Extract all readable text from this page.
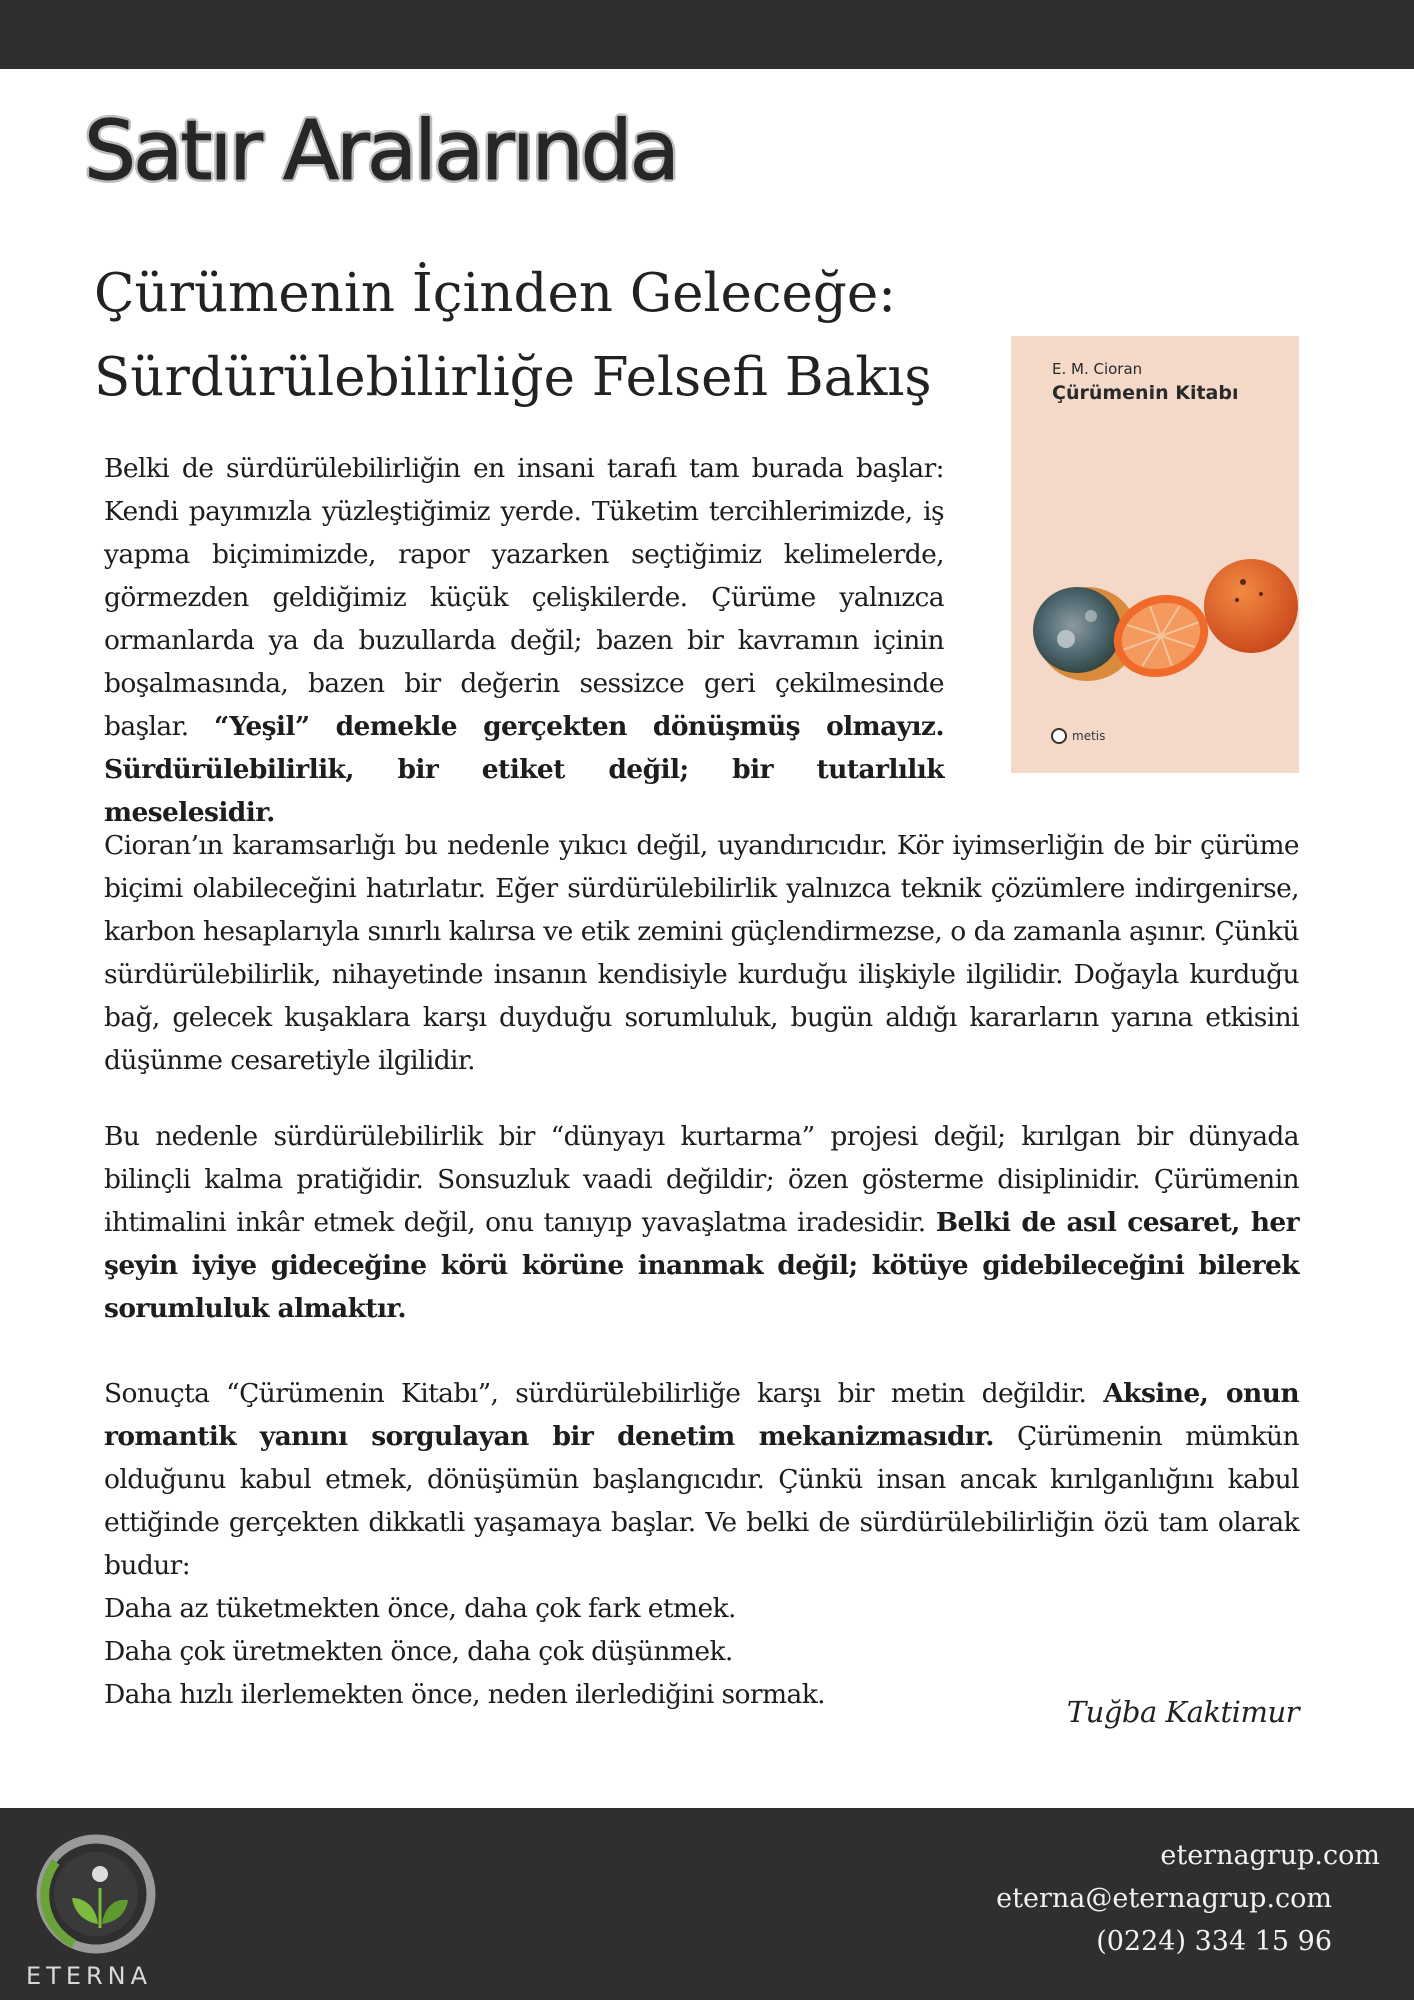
Satır Aralarında
Çürümenin İçinden Geleceğe:
Sürdürülebilirliğe Felsefi Bakış	E. M. Cioran
Çürümenin Kitabı
metis

Belki de sürdürülebilirliğin en insani tarafı tam burada başlar: Kendi payımızla yüzleştiğimiz yerde. Tüketim tercihlerimizde, iş yapma biçimimizde, rapor yazarken seçtiğimiz kelimelerde, görmezden geldiğimiz küçük çelişkilerde. Çürüme yalnızca ormanlarda ya da buzullarda değil; bazen bir kavramın içinin boşalmasında, bazen bir değerin sessizce geri çekilmesinde başlar. “Yeşil” demekle gerçekten dönüşmüş olmayız. Sürdürülebilirlik, bir etiket değil; bir tutarlılık meselesidir.

Cioran’ın karamsarlığı bu nedenle yıkıcı değil, uyandırıcıdır. Kör iyimserliğin de bir çürüme biçimi olabileceğini hatırlatır. Eğer sürdürülebilirlik yalnızca teknik çözümlere indirgenirse, karbon hesaplarıyla sınırlı kalırsa ve etik zemini güçlendirmezse, o da zamanla aşınır. Çünkü sürdürülebilirlik, nihayetinde insanın kendisiyle kurduğu ilişkiyle ilgilidir. Doğayla kurduğu bağ, gelecek kuşaklara karşı duyduğu sorumluluk, bugün aldığı kararların yarına etkisini düşünme cesaretiyle ilgilidir.

Bu nedenle sürdürülebilirlik bir “dünyayı kurtarma” projesi değil; kırılgan bir dünyada bilinçli kalma pratiğidir. Sonsuzluk vaadi değildir; özen gösterme disiplinidir. Çürümenin ihtimalini inkâr etmek değil, onu tanıyıp yavaşlatma iradesidir. Belki de asıl cesaret, her şeyin iyiye gideceğine körü körüne inanmak değil; kötüye gidebileceğini bilerek sorumluluk almaktır.

Sonuçta “Çürümenin Kitabı”, sürdürülebilirliğe karşı bir metin değildir. Aksine, onun romantik yanını sorgulayan bir denetim mekanizmasıdır. Çürümenin mümkün olduğunu kabul etmek, dönüşümün başlangıcıdır. Çünkü insan ancak kırılganlığını kabul ettiğinde gerçekten dikkatli yaşamaya başlar. Ve belki de sürdürülebilirliğin özü tam olarak budur:
Daha az tüketmekten önce, daha çok fark etmek.
Daha çok üretmekten önce, daha çok düşünmek.
Daha hızlı ilerlemekten önce, neden ilerlediğini sormak.
Tuğba Kaktimur
ETERNA
eternagrup.com
eterna@eternagrup.com
(0224) 334 15 96
